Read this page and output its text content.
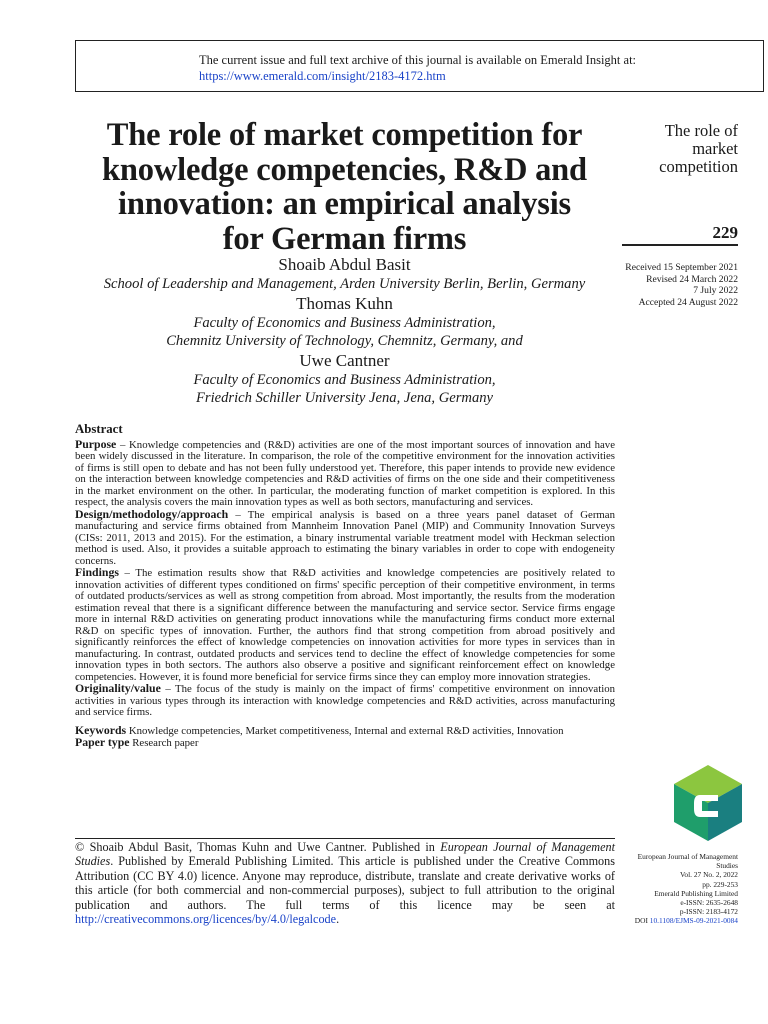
The current issue and full text archive of this journal is available on Emerald Insight at:
https://www.emerald.com/insight/2183-4172.htm
The role of market competition for
knowledge competencies, R&D and
innovation: an empirical analysis
for German firms
The role of
market
competition
229
Received 15 September 2021
Revised 24 March 2022
7 July 2022
Accepted 24 August 2022
Shoaib Abdul Basit
School of Leadership and Management, Arden University Berlin, Berlin, Germany
Thomas Kuhn
Faculty of Economics and Business Administration,
Chemnitz University of Technology, Chemnitz, Germany, and
Uwe Cantner
Faculty of Economics and Business Administration,
Friedrich Schiller University Jena, Jena, Germany
Abstract

Purpose – Knowledge competencies and (R&D) activities are one of the most important sources of innovation and have been widely discussed in the literature. In comparison, the role of the competitive environment for the innovation activities of firms is still open to debate and has not been fully understood yet. Therefore, this paper intends to provide new evidence on the interaction between knowledge competencies and R&D activities of firms on the one side and their competitiveness in the market environment on the other. In particular, the moderating function of market competition is explored. In this respect, the analysis covers the main innovation types as well as both sectors, manufacturing and services.

Design/methodology/approach – The empirical analysis is based on a three years panel dataset of German manufacturing and service firms obtained from Mannheim Innovation Panel (MIP) and Community Innovation Surveys (CISs: 2011, 2013 and 2015). For the estimation, a binary instrumental variable treatment model with Heckman selection method is used. Also, it provides a suitable approach to estimating the binary variables in order to cope with endogeneity concerns.

Findings – The estimation results show that R&D activities and knowledge competencies are positively related to innovation activities of different types conditioned on firms' specific perception of their competitive environment, in terms of outdated products/services as well as strong competition from abroad. Most importantly, the results from the moderation estimation reveal that there is a significant difference between the manufacturing and service sector. Service firms engage more in internal R&D activities on generating product innovations while the manufacturing firms conduct more external R&D on specific types of innovation. Further, the authors find that strong competition from abroad positively and significantly reinforces the effect of knowledge competencies on innovation activities for more types in services than in manufacturing. In contrast, outdated products and services tend to decline the effect of knowledge competencies for some innovation types in both sectors. The authors also observe a positive and significant reinforcement effect on knowledge competencies. However, it is found more beneficial for service firms since they can employ more innovation strategies.

Originality/value – The focus of the study is mainly on the impact of firms' competitive environment on innovation activities in various types through its interaction with knowledge competencies and R&D activities, across manufacturing and service firms.

Keywords Knowledge competencies, Market competitiveness, Internal and external R&D activities, Innovation

Paper type Research paper

© Shoaib Abdul Basit, Thomas Kuhn and Uwe Cantner. Published in European Journal of Management Studies. Published by Emerald Publishing Limited. This article is published under the Creative Commons Attribution (CC BY 4.0) licence. Anyone may reproduce, distribute, translate and create derivative works of this article (for both commercial and non-commercial purposes), subject to full attribution to the original publication and authors. The full terms of this licence may be seen at http://creativecommons.org/licences/by/4.0/legalcode.
European Journal of Management
Studies
Vol. 27 No. 2, 2022
pp. 229-253
Emerald Publishing Limited
e-ISSN: 2635-2648
p-ISSN: 2183-4172
DOI 10.1108/EJMS-09-2021-0084
